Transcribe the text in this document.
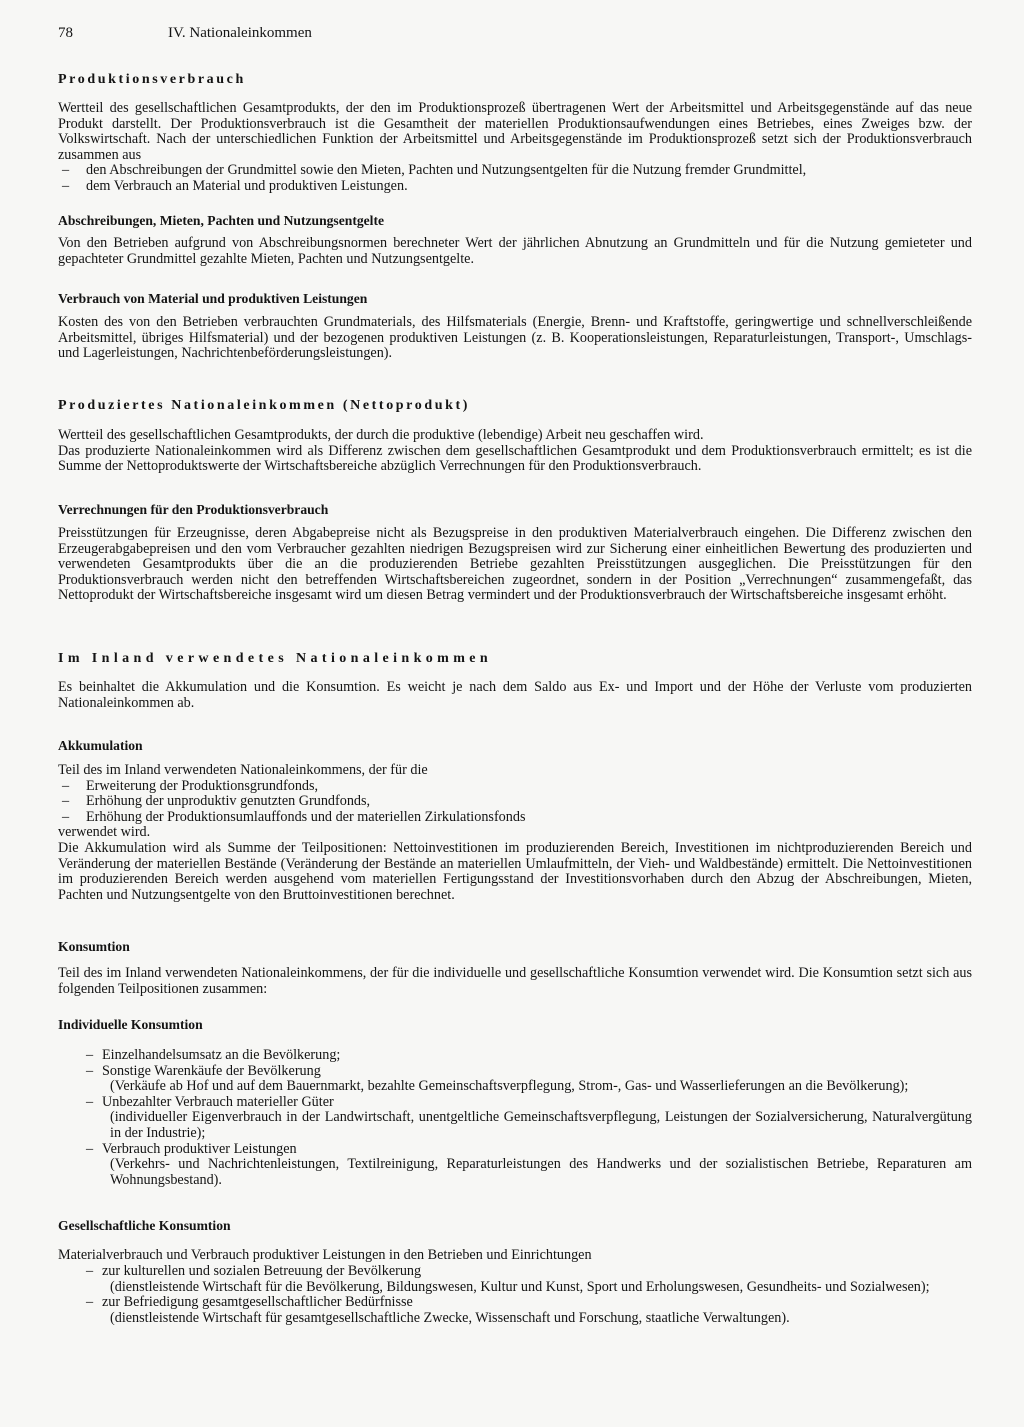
78	IV. Nationaleinkommen
Produktionsverbrauch
Wertteil des gesellschaftlichen Gesamtprodukts, der den im Produktionsprozeß übertragenen Wert der Arbeitsmittel und Arbeitsgegenstände auf das neue Produkt darstellt. Der Produktionsverbrauch ist die Gesamtheit der materiellen Produktionsaufwendungen eines Betriebes, eines Zweiges bzw. der Volkswirtschaft. Nach der unterschiedlichen Funktion der Arbeitsmittel und Arbeitsgegenstände im Produktionsprozeß setzt sich der Produktionsverbrauch zusammen aus
– den Abschreibungen der Grundmittel sowie den Mieten, Pachten und Nutzungsentgelten für die Nutzung fremder Grundmittel,
– dem Verbrauch an Material und produktiven Leistungen.
Abschreibungen, Mieten, Pachten und Nutzungsentgelte
Von den Betrieben aufgrund von Abschreibungsnormen berechneter Wert der jährlichen Abnutzung an Grundmitteln und für die Nutzung gemieteter und gepachteter Grundmittel gezahlte Mieten, Pachten und Nutzungsentgelte.
Verbrauch von Material und produktiven Leistungen
Kosten des von den Betrieben verbrauchten Grundmaterials, des Hilfsmaterials (Energie, Brenn- und Kraftstoffe, geringwertige und schnellverschleißende Arbeitsmittel, übriges Hilfsmaterial) und der bezogenen produktiven Leistungen (z. B. Kooperationsleistungen, Reparaturleistungen, Transport-, Umschlags- und Lagerleistungen, Nachrichtenbeförderungsleistungen).
Produziertes Nationaleinkommen (Nettoprodukt)
Wertteil des gesellschaftlichen Gesamtprodukts, der durch die produktive (lebendige) Arbeit neu geschaffen wird.
Das produzierte Nationaleinkommen wird als Differenz zwischen dem gesellschaftlichen Gesamtprodukt und dem Produktionsverbrauch ermittelt; es ist die Summe der Nettoproduktswerte der Wirtschaftsbereiche abzüglich Verrechnungen für den Produktionsverbrauch.
Verrechnungen für den Produktionsverbrauch
Preisstützungen für Erzeugnisse, deren Abgabepreise nicht als Bezugspreise in den produktiven Materialverbrauch eingehen. Die Differenz zwischen den Erzeugerabgabepreisen und den vom Verbraucher gezahlten niedrigen Bezugspreisen wird zur Sicherung einer einheitlichen Bewertung des produzierten und verwendeten Gesamtprodukts über die an die produzierenden Betriebe gezahlten Preisstützungen ausgeglichen. Die Preisstützungen für den Produktionsverbrauch werden nicht den betreffenden Wirtschaftsbereichen zugeordnet, sondern in der Position „Verrechnungen“ zusammengefaßt, das Nettoprodukt der Wirtschaftsbereiche insgesamt wird um diesen Betrag vermindert und der Produktionsverbrauch der Wirtschaftsbereiche insgesamt erhöht.
Im Inland verwendetes Nationaleinkommen
Es beinhaltet die Akkumulation und die Konsumtion. Es weicht je nach dem Saldo aus Ex- und Import und der Höhe der Verluste vom produzierten Nationaleinkommen ab.
Akkumulation
Teil des im Inland verwendeten Nationaleinkommens, der für die
– Erweiterung der Produktionsgrundfonds,
– Erhöhung der unproduktiv genutzten Grundfonds,
– Erhöhung der Produktionsumlauffonds und der materiellen Zirkulationsfonds
verwendet wird.
Die Akkumulation wird als Summe der Teilpositionen: Nettoinvestitionen im produzierenden Bereich, Investitionen im nichtproduzierenden Bereich und Veränderung der materiellen Bestände (Veränderung der Bestände an materiellen Umlaufmitteln, der Vieh- und Waldbestände) ermittelt. Die Nettoinvestitionen im produzierenden Bereich werden ausgehend vom materiellen Fertigungsstand der Investitionsvorhaben durch den Abzug der Abschreibungen, Mieten, Pachten und Nutzungsentgelte von den Bruttoinvestitionen berechnet.
Konsumtion
Teil des im Inland verwendeten Nationaleinkommens, der für die individuelle und gesellschaftliche Konsumtion verwendet wird. Die Konsumtion setzt sich aus folgenden Teilpositionen zusammen:
Individuelle Konsumtion
– Einzelhandelsumsatz an die Bevölkerung;
– Sonstige Warenkäufe der Bevölkerung
(Verkäufe ab Hof und auf dem Bauernmarkt, bezahlte Gemeinschaftsverpflegung, Strom-, Gas- und Wasserlieferungen an die Bevölkerung);
– Unbezahlter Verbrauch materieller Güter
(individueller Eigenverbrauch in der Landwirtschaft, unentgeltliche Gemeinschaftsverpflegung, Leistungen der Sozialversicherung, Naturalvergütung in der Industrie);
– Verbrauch produktiver Leistungen
(Verkehrs- und Nachrichtenleistungen, Textilreinigung, Reparaturleistungen des Handwerks und der sozialistischen Betriebe, Reparaturen am Wohnungsbestand).
Gesellschaftliche Konsumtion
Materialverbrauch und Verbrauch produktiver Leistungen in den Betrieben und Einrichtungen
– zur kulturellen und sozialen Betreuung der Bevölkerung
(dienstleistende Wirtschaft für die Bevölkerung, Bildungswesen, Kultur und Kunst, Sport und Erholungswesen, Gesundheits- und Sozialwesen);
– zur Befriedigung gesamtgesellschaftlicher Bedürfnisse
(dienstleistende Wirtschaft für gesamtgesellschaftliche Zwecke, Wissenschaft und Forschung, staatliche Verwaltungen).
